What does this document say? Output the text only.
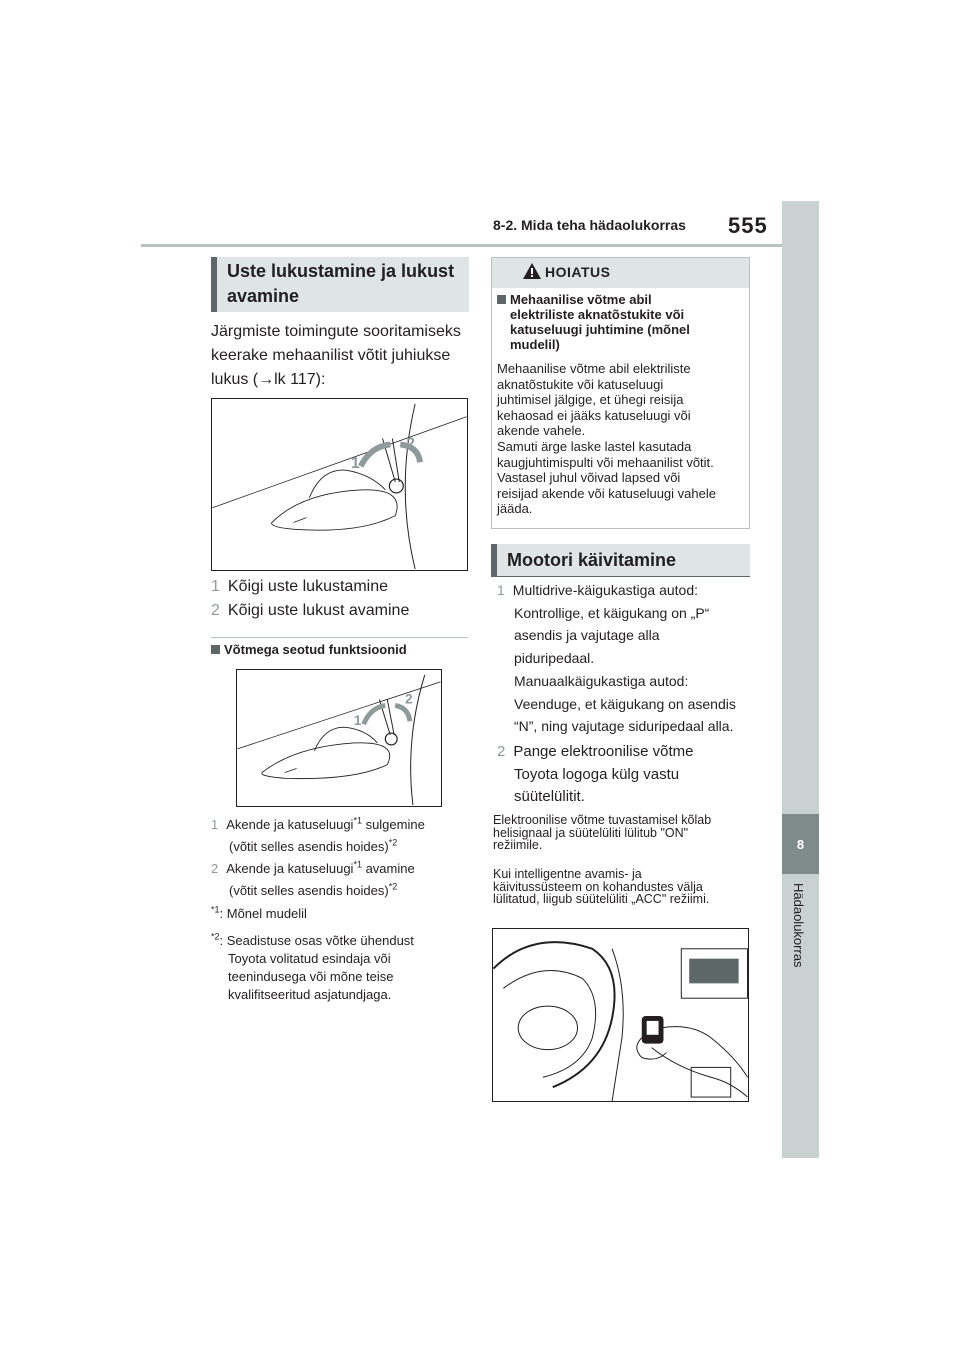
8-2. Mida teha hädaolukorras 555
8
Hädaolukorras
Uste lukustamine ja lukust avamine
Järgmiste toimingute sooritamiseks
keerake mehaanilist võtit juhiukse
lukus (→lk 117):
1
2
1 Kõigi uste lukustamine
2 Kõigi uste lukust avamine
Võtmega seotud funktsioonid
1
2
1 Akende ja katuseluugi$^{*1}$ sulgemine
(võtit selles asendis hoides)$^{*2}$
2 Akende ja katuseluugi$^{*1}$ avamine
(võtit selles asendis hoides)$^{*2}$
$^{*1}$: Mõnel mudelil
$^{*2}$: Seadistuse osas võtke ühendust
Toyota volitatud esindaja või
teenindusega või mõne teise
kvalifitseeritud asjatundjaga.
HOIATUS
Mehaanilise võtme abil
elektriliste aknatõstukite või
katuseluugi juhtimine (mõnel
mudelil)
Mehaanilise võtme abil elektriliste
aknatõstukite või katuseluugi
juhtimisel jälgige, et ühegi reisija
kehaosad ei jääks katuseluugi või
akende vahele.
Samuti ärge laske lastel kasutada
kaugjuhtimispulti või mehaanilist võtit.
Vastasel juhul võivad lapsed või
reisijad akende või katuseluugi vahele
jääda.
Mootori käivitamine
1 Multidrive-käigukastiga autod:
Kontrollige, et käigukang on „P“
asendis ja vajutage alla
piduripedaal.
Manuaalkäigukastiga autod:
Veenduge, et käigukang on asendis
“N”, ning vajutage siduripedaal alla.
2 Pange elektroonilise võtme
Toyota logoga külg vastu
süütelülitit.
Elektroonilise võtme tuvastamisel kõlab
helisignaal ja süütelüliti lülitub "ON"
režiimile.
Kui intelligentne avamis- ja
käivitussüsteem on kohandustes välja
lülitatud, liigub süütelüliti „ACC" režiimi.
